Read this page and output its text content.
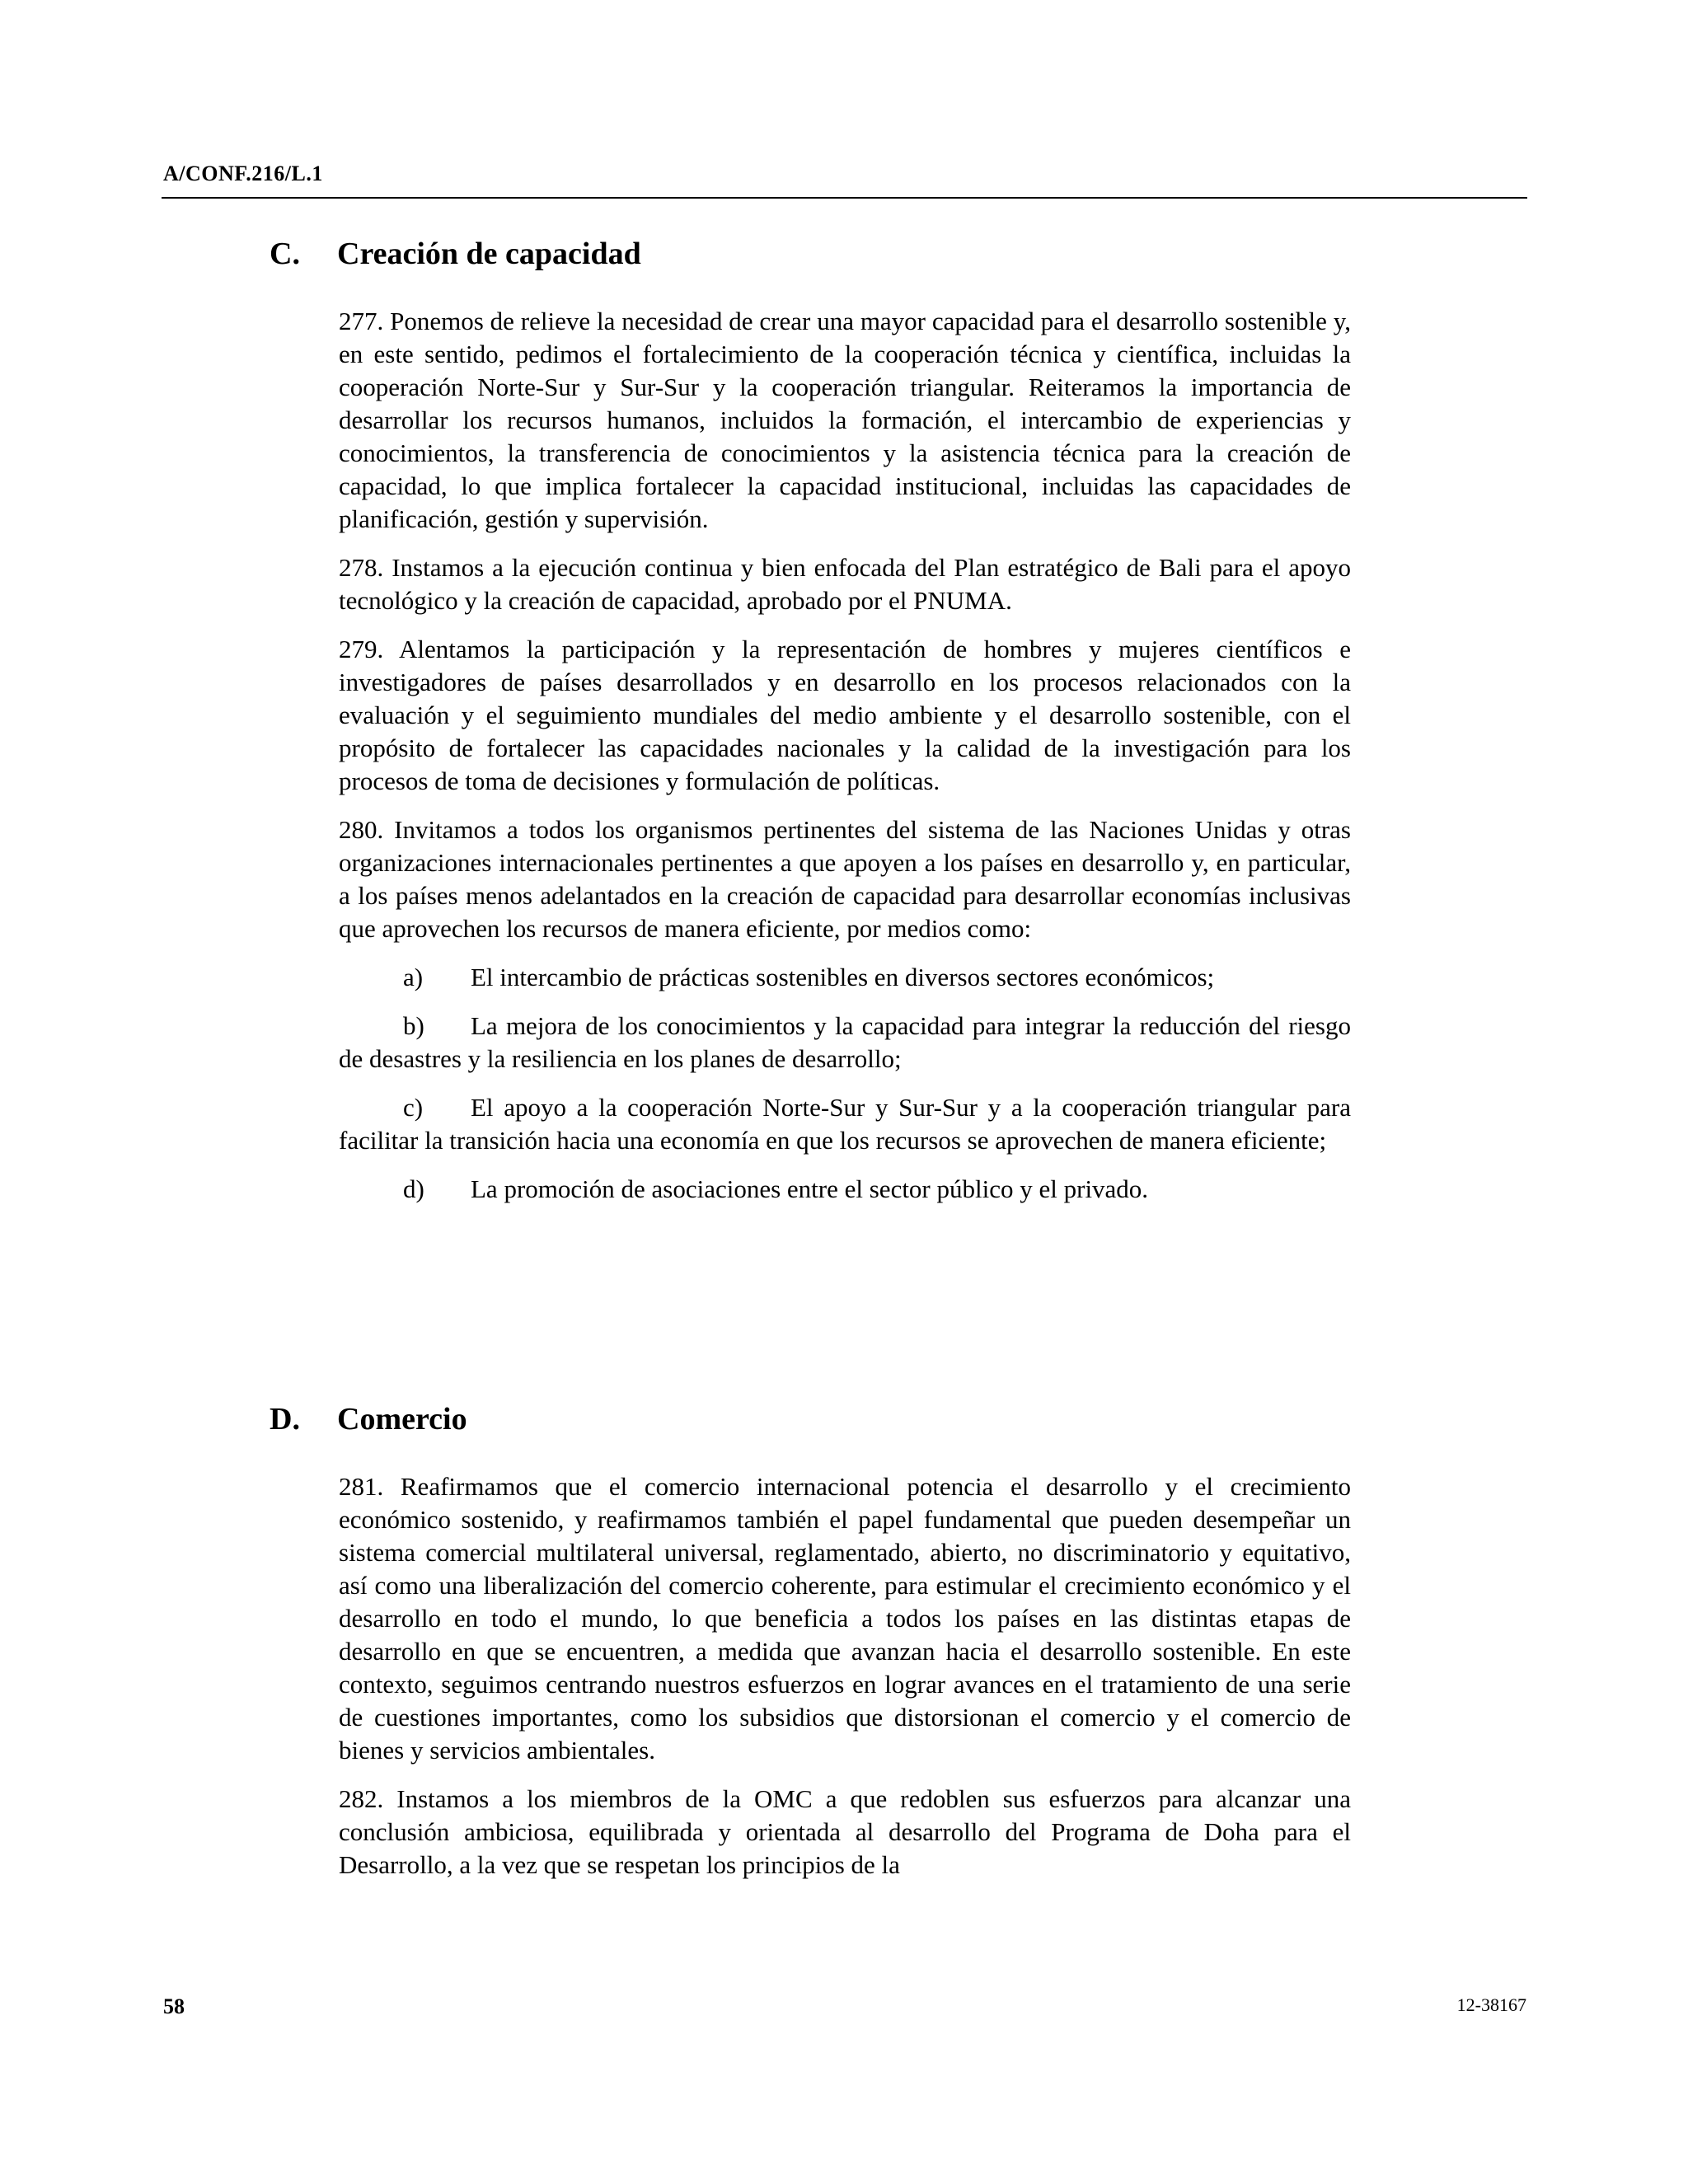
A/CONF.216/L.1
C. Creación de capacidad

277. Ponemos de relieve la necesidad de crear una mayor capacidad para el desarrollo sostenible y, en este sentido, pedimos el fortalecimiento de la cooperación técnica y científica, incluidas la cooperación Norte-Sur y Sur-Sur y la cooperación triangular. Reiteramos la importancia de desarrollar los recursos humanos, incluidos la formación, el intercambio de experiencias y conocimientos, la transferencia de conocimientos y la asistencia técnica para la creación de capacidad, lo que implica fortalecer la capacidad institucional, incluidas las capacidades de planificación, gestión y supervisión.

278. Instamos a la ejecución continua y bien enfocada del Plan estratégico de Bali para el apoyo tecnológico y la creación de capacidad, aprobado por el PNUMA.

279. Alentamos la participación y la representación de hombres y mujeres científicos e investigadores de países desarrollados y en desarrollo en los procesos relacionados con la evaluación y el seguimiento mundiales del medio ambiente y el desarrollo sostenible, con el propósito de fortalecer las capacidades nacionales y la calidad de la investigación para los procesos de toma de decisiones y formulación de políticas.

280. Invitamos a todos los organismos pertinentes del sistema de las Naciones Unidas y otras organizaciones internacionales pertinentes a que apoyen a los países en desarrollo y, en particular, a los países menos adelantados en la creación de capacidad para desarrollar economías inclusivas que aprovechen los recursos de manera eficiente, por medios como:

a) El intercambio de prácticas sostenibles en diversos sectores económicos;

b) La mejora de los conocimientos y la capacidad para integrar la reducción del riesgo de desastres y la resiliencia en los planes de desarrollo;

c) El apoyo a la cooperación Norte-Sur y Sur-Sur y a la cooperación triangular para facilitar la transición hacia una economía en que los recursos se aprovechen de manera eficiente;

d) La promoción de asociaciones entre el sector público y el privado.

D. Comercio

281. Reafirmamos que el comercio internacional potencia el desarrollo y el crecimiento económico sostenido, y reafirmamos también el papel fundamental que pueden desempeñar un sistema comercial multilateral universal, reglamentado, abierto, no discriminatorio y equitativo, así como una liberalización del comercio coherente, para estimular el crecimiento económico y el desarrollo en todo el mundo, lo que beneficia a todos los países en las distintas etapas de desarrollo en que se encuentren, a medida que avanzan hacia el desarrollo sostenible. En este contexto, seguimos centrando nuestros esfuerzos en lograr avances en el tratamiento de una serie de cuestiones importantes, como los subsidios que distorsionan el comercio y el comercio de bienes y servicios ambientales.

282. Instamos a los miembros de la OMC a que redoblen sus esfuerzos para alcanzar una conclusión ambiciosa, equilibrada y orientada al desarrollo del Programa de Doha para el Desarrollo, a la vez que se respetan los principios de la

58	12-38167
